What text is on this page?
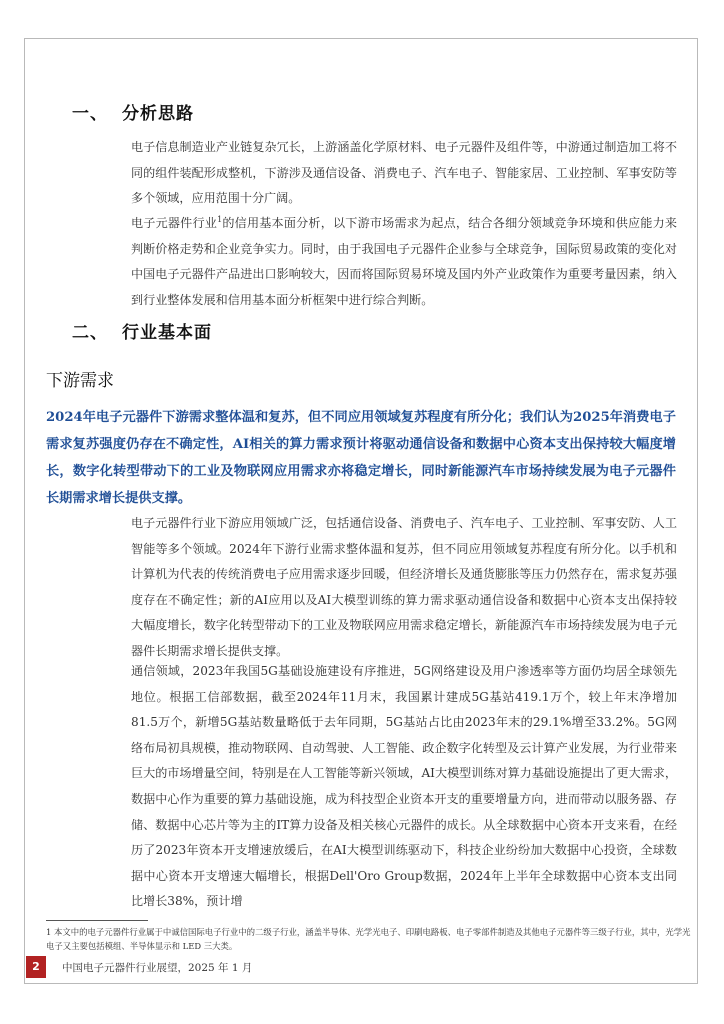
一、 分析思路
电子信息制造业产业链复杂冗长，上游涵盖化学原材料、电子元器件及组件等，中游通过制造加工将不同的组件装配形成整机，下游涉及通信设备、消费电子、汽车电子、智能家居、工业控制、军事安防等多个领域，应用范围十分广阔。
电子元器件行业$^1$的信用基本面分析，以下游市场需求为起点，结合各细分领域竞争环境和供应能力来判断价格走势和企业竞争实力。同时，由于我国电子元器件企业参与全球竞争，国际贸易政策的变化对中国电子元器件产品进出口影响较大，因而将国际贸易环境及国内外产业政策作为重要考量因素，纳入到行业整体发展和信用基本面分析框架中进行综合判断。
二、 行业基本面
下游需求
2024年电子元器件下游需求整体温和复苏，但不同应用领域复苏程度有所分化；我们认为2025年消费电子需求复苏强度仍存在不确定性，AI相关的算力需求预计将驱动通信设备和数据中心资本支出保持较大幅度增长，数字化转型带动下的工业及物联网应用需求亦将稳定增长，同时新能源汽车市场持续发展为电子元器件长期需求增长提供支撑。
电子元器件行业下游应用领域广泛，包括通信设备、消费电子、汽车电子、工业控制、军事安防、人工智能等多个领域。2024年下游行业需求整体温和复苏，但不同应用领域复苏程度有所分化。以手机和计算机为代表的传统消费电子应用需求逐步回暖，但经济增长及通货膨胀等压力仍然存在，需求复苏强度存在不确定性；新的AI应用以及AI大模型训练的算力需求驱动通信设备和数据中心资本支出保持较大幅度增长，数字化转型带动下的工业及物联网应用需求稳定增长，新能源汽车市场持续发展为电子元器件长期需求增长提供支撑。
通信领域，2023年我国5G基础设施建设有序推进，5G网络建设及用户渗透率等方面仍均居全球领先地位。根据工信部数据，截至2024年11月末，我国累计建成5G基站419.1万个，较上年末净增加81.5万个，新增5G基站数量略低于去年同期，5G基站占比由2023年末的29.1%增至33.2%。5G网络布局初具规模，推动物联网、自动驾驶、人工智能、政企数字化转型及云计算产业发展，为行业带来巨大的市场增量空间，特别是在人工智能等新兴领域，AI大模型训练对算力基础设施提出了更大需求，数据中心作为重要的算力基础设施，成为科技型企业资本开支的重要增量方向，进而带动以服务器、存储、数据中心芯片等为主的IT算力设备及相关核心元器件的成长。从全球数据中心资本开支来看，在经历了2023年资本开支增速放缓后，在AI大模型训练驱动下，科技企业纷纷加大数据中心投资，全球数据中心资本开支增速大幅增长，根据Dell'Oro Group数据，2024年上半年全球数据中心资本支出同比增长38%，预计增
1 本文中的电子元器件行业属于中诚信国际电子行业中的二级子行业，涵盖半导体、光学光电子、印刷电路板、电子零部件制造及其他电子元器件等三级子行业，其中，光学光电子又主要包括模组、半导体显示和 LED 三大类。
2	中国电子元器件行业展望，2025 年 1 月
